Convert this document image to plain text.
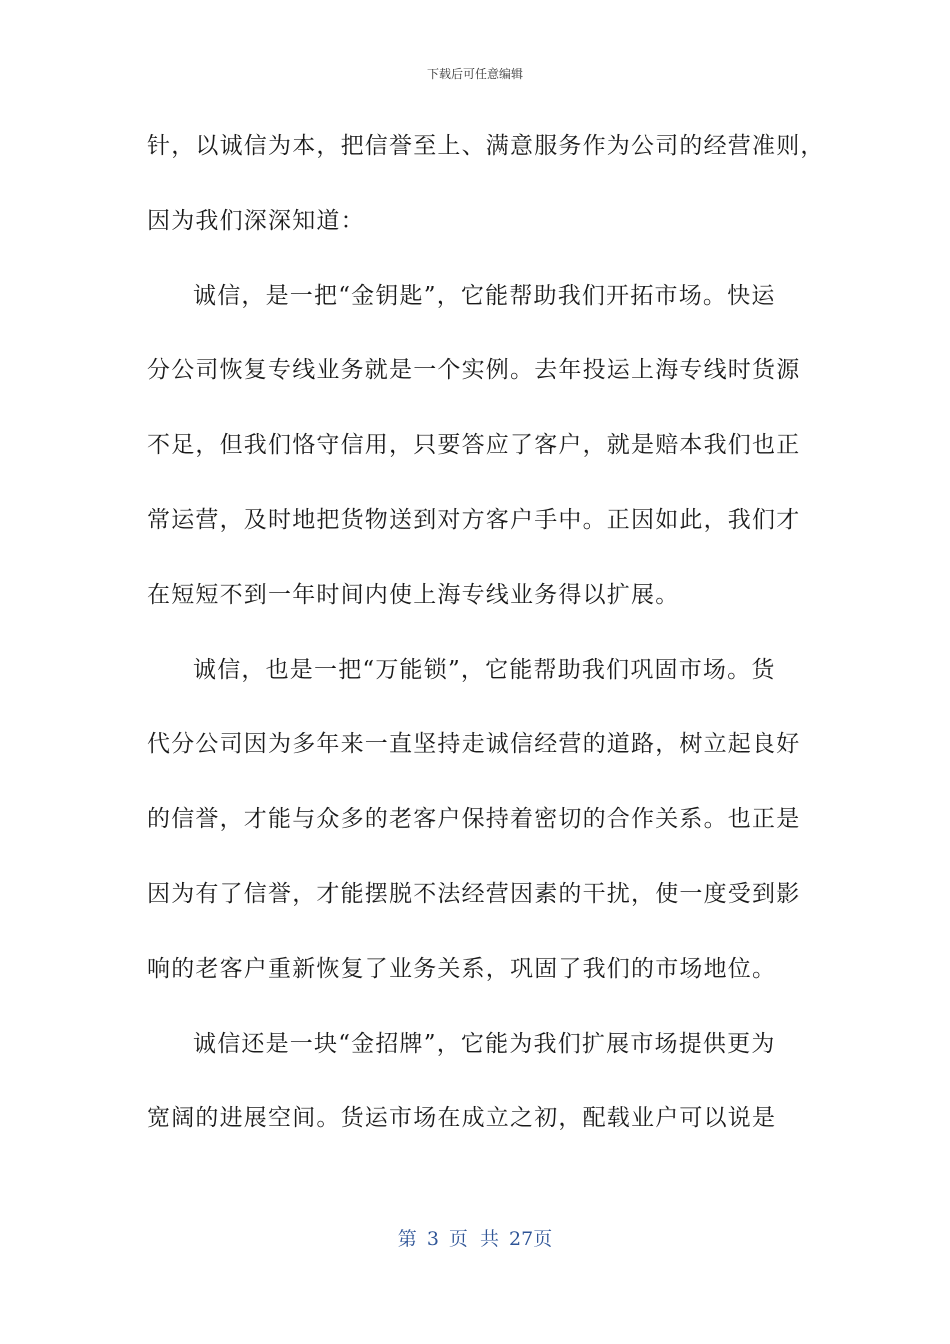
下载后可任意编辑
针，以诚信为本，把信誉至上、满意服务作为公司的经营准则，
因为我们深深知道：
诚信，是一把“金钥匙”，它能帮助我们开拓市场。快运
分公司恢复专线业务就是一个实例。去年投运上海专线时货源
不足，但我们恪守信用，只要答应了客户，就是赔本我们也正
常运营，及时地把货物送到对方客户手中。正因如此，我们才
在短短不到一年时间内使上海专线业务得以扩展。
诚信，也是一把“万能锁”，它能帮助我们巩固市场。货
代分公司因为多年来一直坚持走诚信经营的道路，树立起良好
的信誉，才能与众多的老客户保持着密切的合作关系。也正是
因为有了信誉，才能摆脱不法经营因素的干扰，使一度受到影
响的老客户重新恢复了业务关系，巩固了我们的市场地位。
诚信还是一块“金招牌”，它能为我们扩展市场提供更为
宽阔的进展空间。货运市场在成立之初，配载业户可以说是
第 3 页  共 27页
